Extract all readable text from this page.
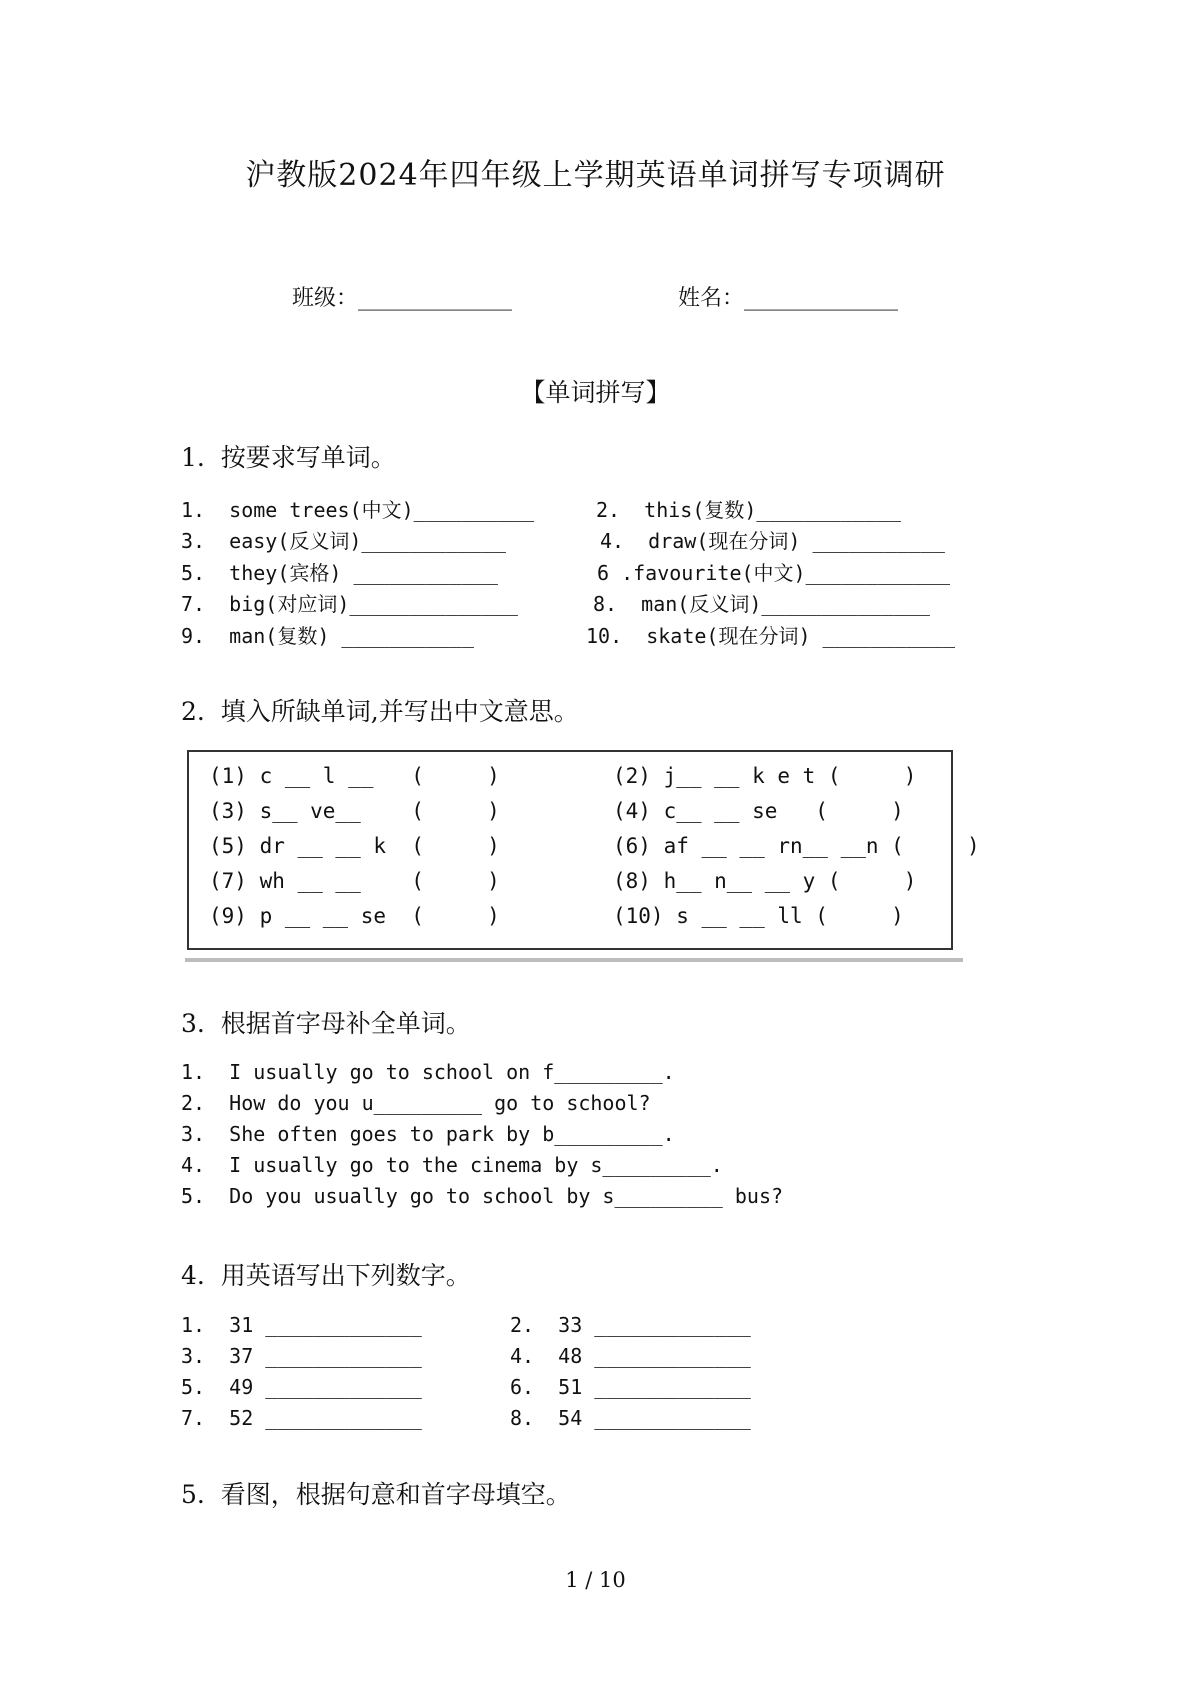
沪教版2024年四年级上学期英语单词拼写专项调研
班级：______________	姓名：______________
【单词拼写】
1.  按要求写单词。
1.  some trees(中文)__________	2.  this(复数)____________
3.  easy(反义词)____________	4.  draw(现在分词) ___________
5.  they(宾格) ____________	6 .favourite(中文)____________
7.  big(对应词)______________	8.  man(反义词)______________
9.  man(复数) ___________	10.  skate(现在分词) ___________
2.  填入所缺单词,并写出中文意思。
(1) c __ l __   (     )	(2) j__ __ k e t (     )
(3) s__ ve__    (     )	(4) c__ __ se   (     )
(5) dr __ __ k  (     )	(6) af __ __ rn__ __n (     )
(7) wh __ __    (     )	(8) h__ n__ __ y (     )
(9) p __ __ se  (     )	(10) s __ __ ll (     )
3.  根据首字母补全单词。
1.  I usually go to school on f_________.
2.  How do you u_________ go to school?
3.  She often goes to park by b_________.
4.  I usually go to the cinema by s_________.
5.  Do you usually go to school by s_________ bus?
4.  用英语写出下列数字。
1.  31 _____________	2.  33 _____________
3.  37 _____________	4.  48 _____________
5.  49 _____________	6.  51 _____________
7.  52 _____________	8.  54 _____________
5.  看图，根据句意和首字母填空。
1 / 10
